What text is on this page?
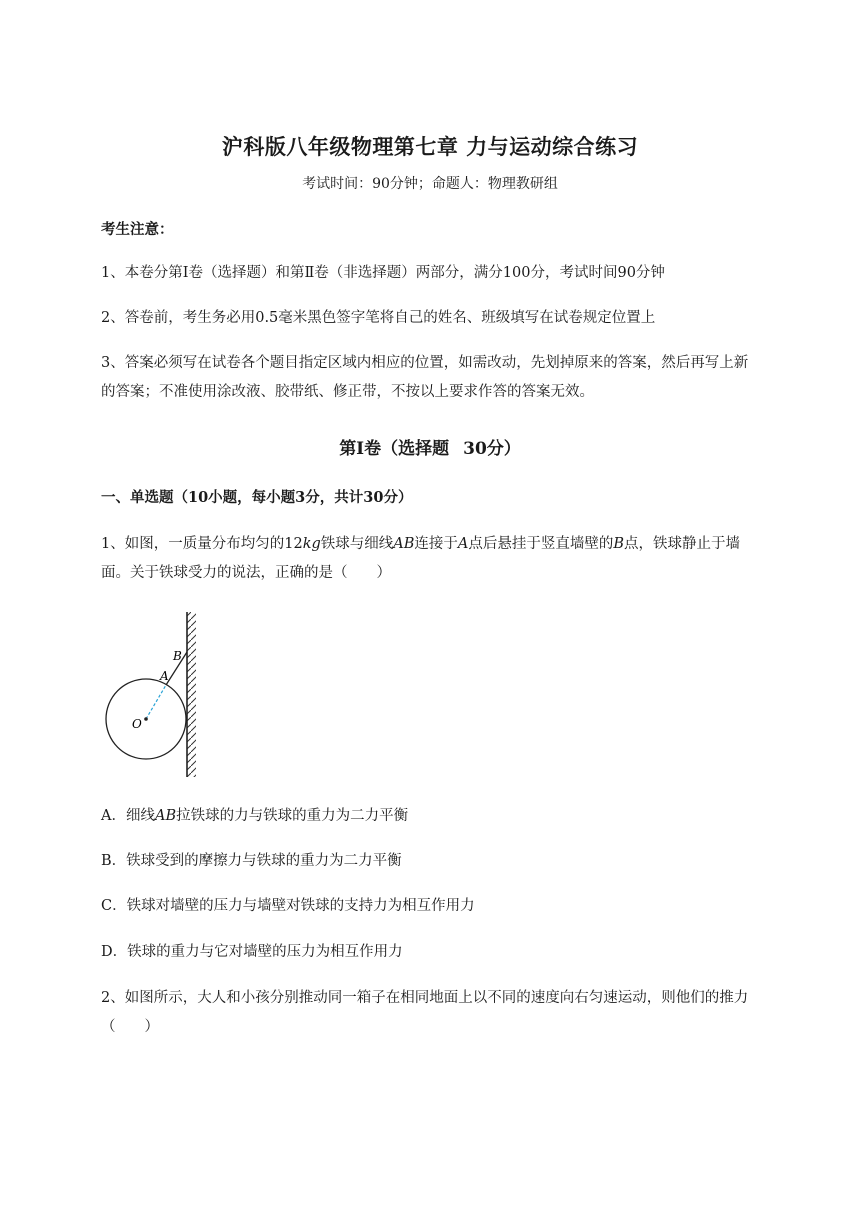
沪科版八年级物理第七章 力与运动综合练习
考试时间：90分钟；命题人：物理教研组
考生注意：
1、本卷分第Ⅰ卷（选择题）和第Ⅱ卷（非选择题）两部分，满分100分，考试时间90分钟
2、答卷前，考生务必用0.5毫米黑色签字笔将自己的姓名、班级填写在试卷规定位置上
3、答案必须写在试卷各个题目指定区域内相应的位置，如需改动，先划掉原来的答案，然后再写上新
的答案；不准使用涂改液、胶带纸、修正带，不按以上要求作答的答案无效。
第Ⅰ卷（选择题 30分）
一、单选题（10小题，每小题3分，共计30分）
1、如图，一质量分布均匀的12kg铁球与细线AB连接于A点后悬挂于竖直墙壁的B点，铁球静止于墙
面。关于铁球受力的说法，正确的是（　　）
B
A
O
A．细线AB拉铁球的力与铁球的重力为二力平衡
B．铁球受到的摩擦力与铁球的重力为二力平衡
C．铁球对墙壁的压力与墙壁对铁球的支持力为相互作用力
D．铁球的重力与它对墙壁的压力为相互作用力
2、如图所示，大人和小孩分别推动同一箱子在相同地面上以不同的速度向右匀速运动，则他们的推力
（　　）
